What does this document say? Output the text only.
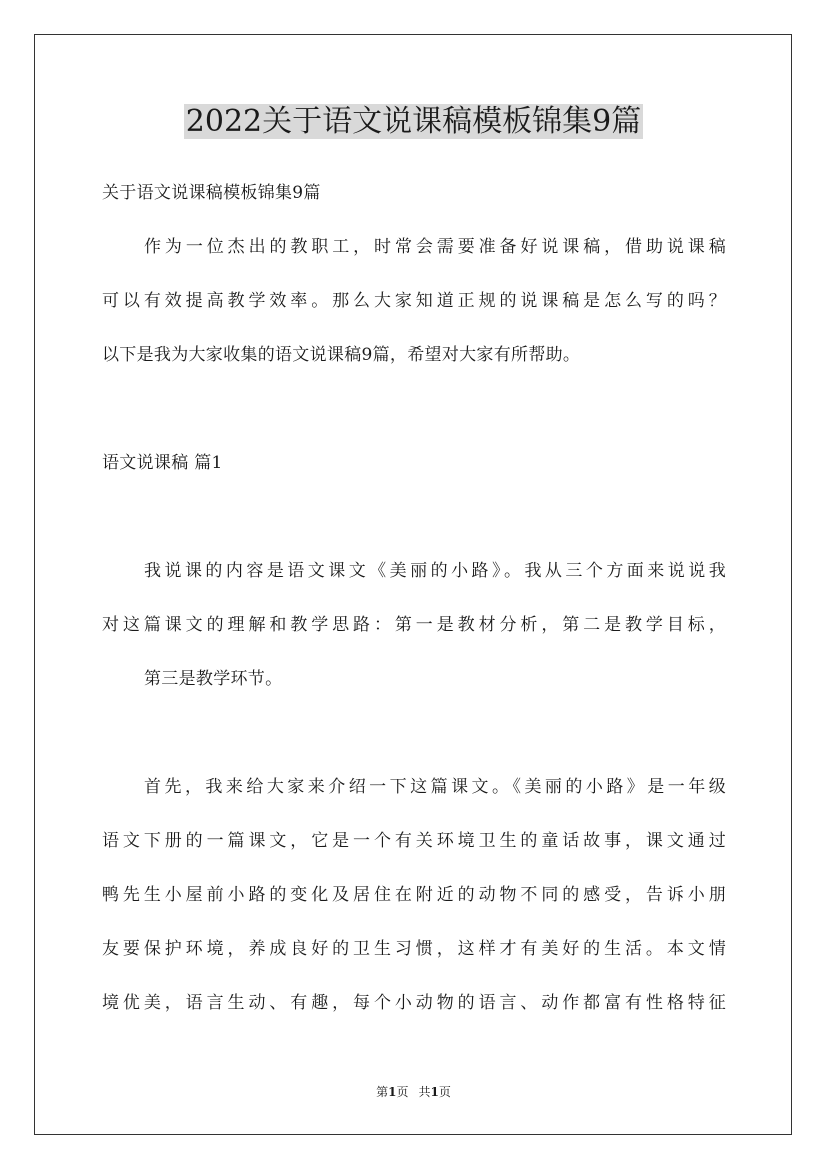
2022关于语文说课稿模板锦集9篇
关于语文说课稿模板锦集9篇
作为一位杰出的教职工，时常会需要准备好说课稿，借助说课稿
可以有效提高教学效率。那么大家知道正规的说课稿是怎么写的吗？
以下是我为大家收集的语文说课稿9篇，希望对大家有所帮助。
语文说课稿 篇1
我说课的内容是语文课文《美丽的小路》。我从三个方面来说说我
对这篇课文的理解和教学思路：第一是教材分析，第二是教学目标，
第三是教学环节。
首先，我来给大家来介绍一下这篇课文。《美丽的小路》是一年级
语文下册的一篇课文，它是一个有关环境卫生的童话故事，课文通过
鸭先生小屋前小路的变化及居住在附近的动物不同的感受，告诉小朋
友要保护环境，养成良好的卫生习惯，这样才有美好的生活。本文情
境优美，语言生动、有趣，每个小动物的语言、动作都富有性格特征
第1页 共1页
